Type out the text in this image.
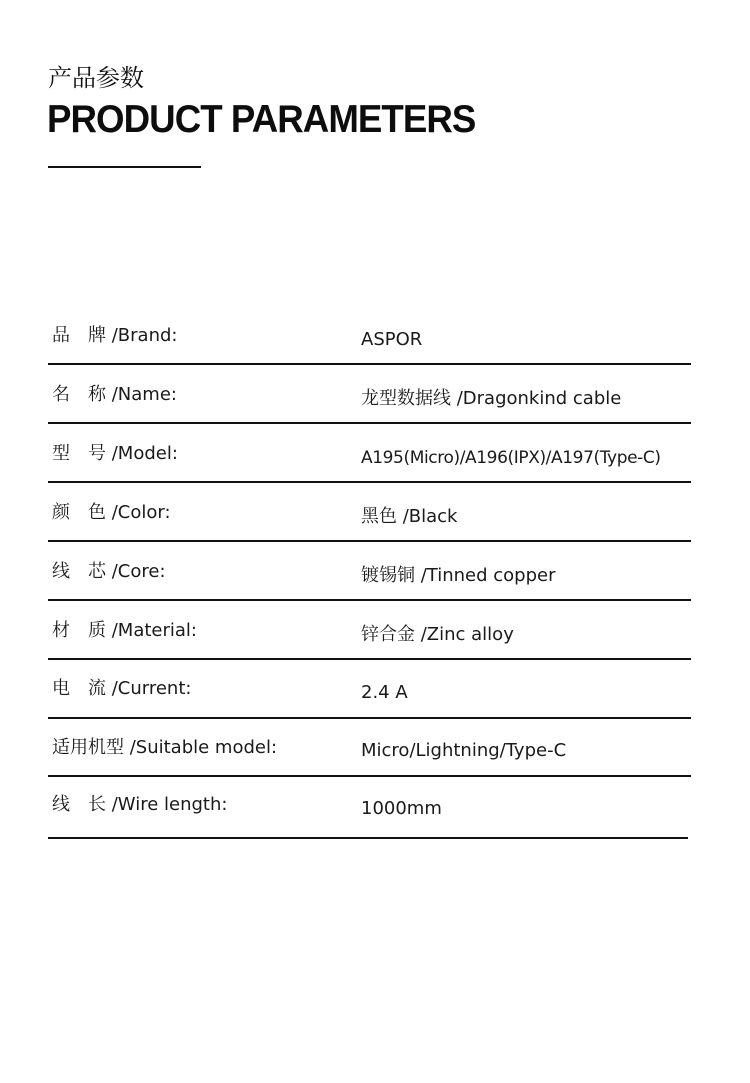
产品参数
PRODUCT PARAMETERS
品　牌 /Brand:	ASPOR
名　称 /Name:	龙型数据线 /Dragonkind cable
型　号 /Model:	A195(Micro)/A196(IPX)/A197(Type-C)
颜　色 /Color:	黑色 /Black
线　芯 /Core:	镀锡铜 /Tinned copper
材　质 /Material:	锌合金 /Zinc alloy
电　流 /Current:	2.4 A
适用机型 /Suitable model:	Micro/Lightning/Type-C
线　长 /Wire length:	1000mm
